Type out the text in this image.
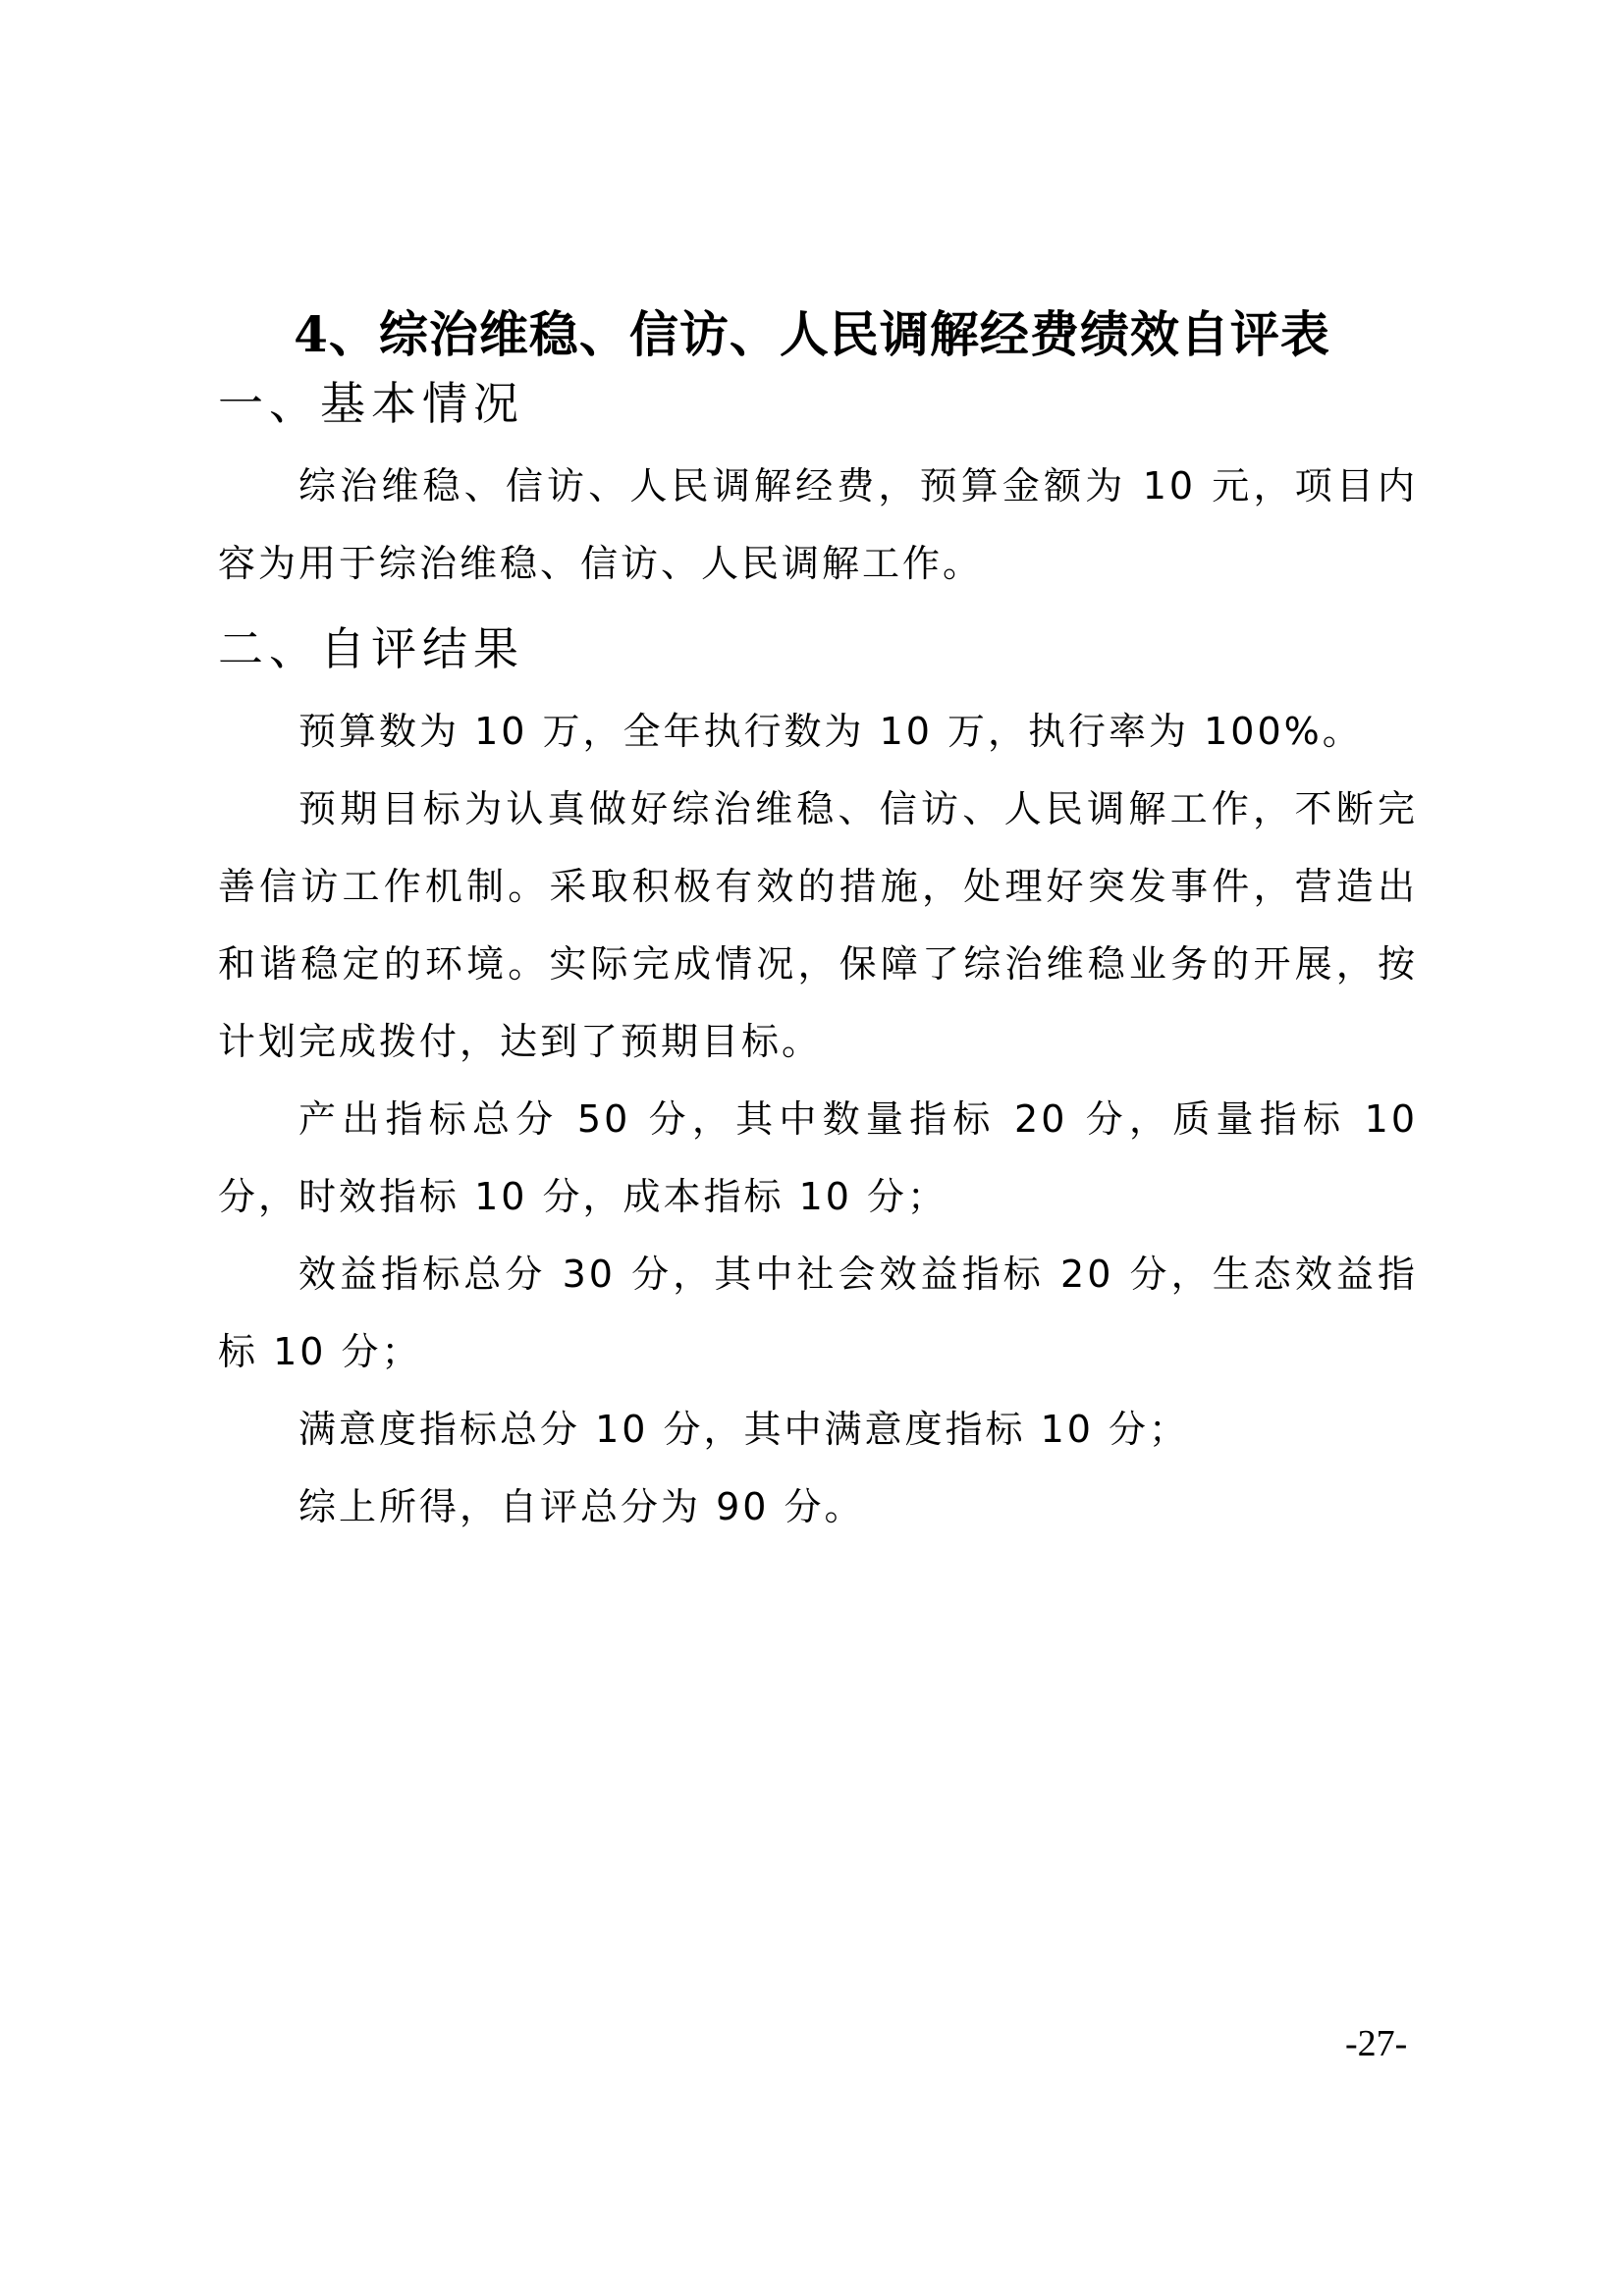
4、综治维稳、信访、人民调解经费绩效自评表
一、基本情况
综治维稳、信访、人民调解经费，预算金额为 10 元，项目内容为用于综治维稳、信访、人民调解工作。
二、自评结果
预算数为 10 万，全年执行数为 10 万，执行率为 100%。
预期目标为认真做好综治维稳、信访、人民调解工作，不断完善信访工作机制。采取积极有效的措施，处理好突发事件，营造出和谐稳定的环境。实际完成情况，保障了综治维稳业务的开展，按计划完成拨付，达到了预期目标。
产出指标总分 50 分，其中数量指标 20 分，质量指标 10 分，时效指标 10 分，成本指标 10 分；
效益指标总分 30 分，其中社会效益指标 20 分，生态效益指标 10 分；
满意度指标总分 10 分，其中满意度指标 10 分；
综上所得，自评总分为 90 分。
-27-
